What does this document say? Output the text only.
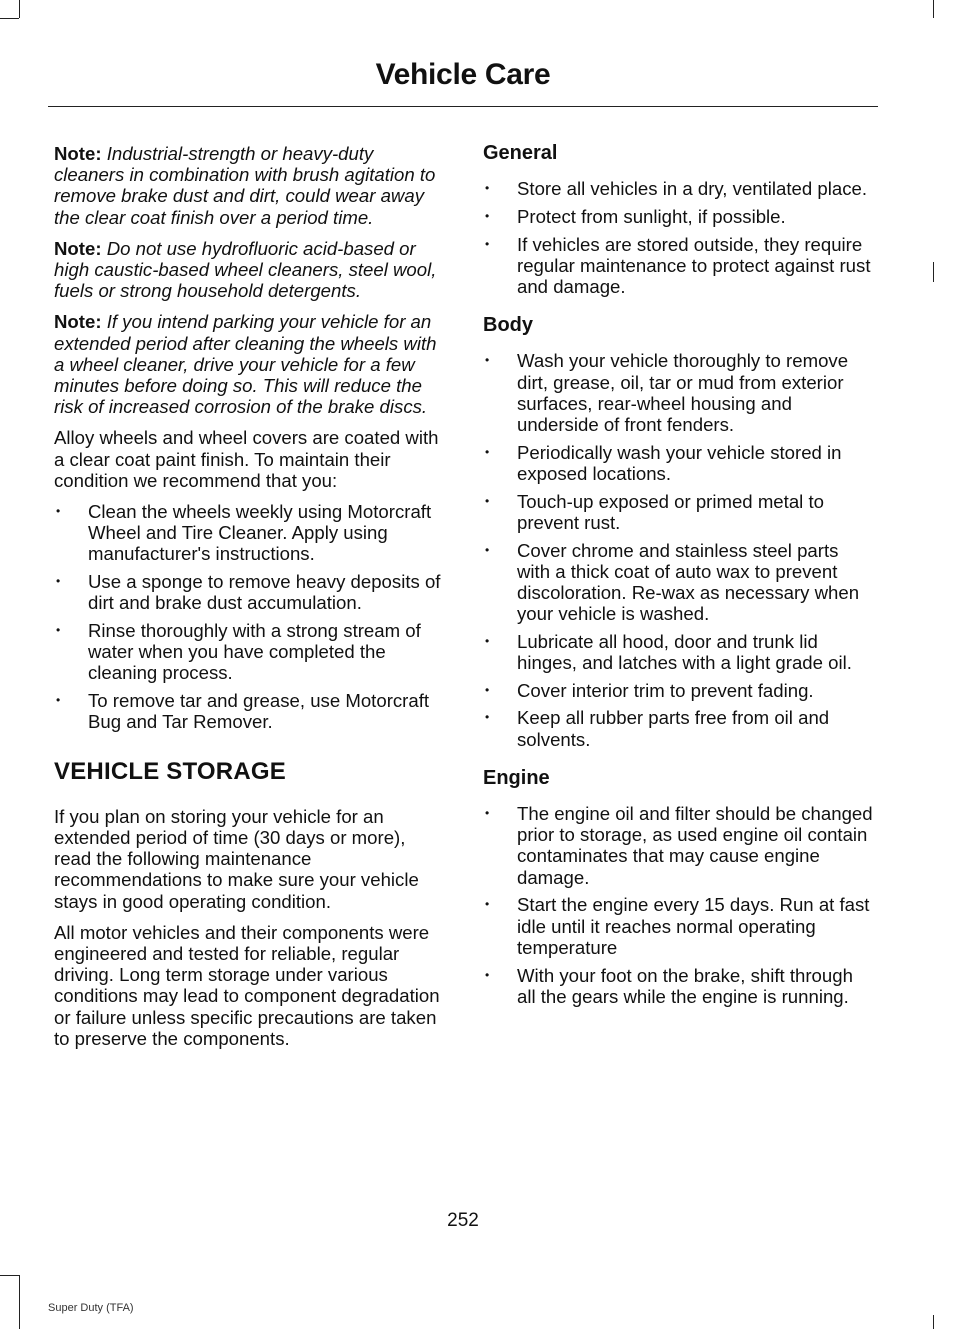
Vehicle Care

Note: Industrial-strength or heavy-duty cleaners in combination with brush agitation to remove brake dust and dirt, could wear away the clear coat finish over a period time.

Note: Do not use hydrofluoric acid-based or high caustic-based wheel cleaners, steel wool, fuels or strong household detergents.

Note: If you intend parking your vehicle for an extended period after cleaning the wheels with a wheel cleaner, drive your vehicle for a few minutes before doing so. This will reduce the risk of increased corrosion of the brake discs.

Alloy wheels and wheel covers are coated with a clear coat paint finish. To maintain their condition we recommend that you:

• Clean the wheels weekly using Motorcraft Wheel and Tire Cleaner. Apply using manufacturer's instructions.
• Use a sponge to remove heavy deposits of dirt and brake dust accumulation.
• Rinse thoroughly with a strong stream of water when you have completed the cleaning process.
• To remove tar and grease, use Motorcraft Bug and Tar Remover.
VEHICLE STORAGE

If you plan on storing your vehicle for an extended period of time (30 days or more), read the following maintenance recommendations to make sure your vehicle stays in good operating condition.

All motor vehicles and their components were engineered and tested for reliable, regular driving. Long term storage under various conditions may lead to component degradation or failure unless specific precautions are taken to preserve the components.

General
• Store all vehicles in a dry, ventilated place.
• Protect from sunlight, if possible.
• If vehicles are stored outside, they require regular maintenance to protect against rust and damage.
Body
• Wash your vehicle thoroughly to remove dirt, grease, oil, tar or mud from exterior surfaces, rear-wheel housing and underside of front fenders.
• Periodically wash your vehicle stored in exposed locations.
• Touch-up exposed or primed metal to prevent rust.
• Cover chrome and stainless steel parts with a thick coat of auto wax to prevent discoloration. Re-wax as necessary when your vehicle is washed.
• Lubricate all hood, door and trunk lid hinges, and latches with a light grade oil.
• Cover interior trim to prevent fading.
• Keep all rubber parts free from oil and solvents.
Engine
• The engine oil and filter should be changed prior to storage, as used engine oil contain contaminates that may cause engine damage.
• Start the engine every 15 days. Run at fast idle until it reaches normal operating temperature
• With your foot on the brake, shift through all the gears while the engine is running.
252
Super Duty (TFA)
